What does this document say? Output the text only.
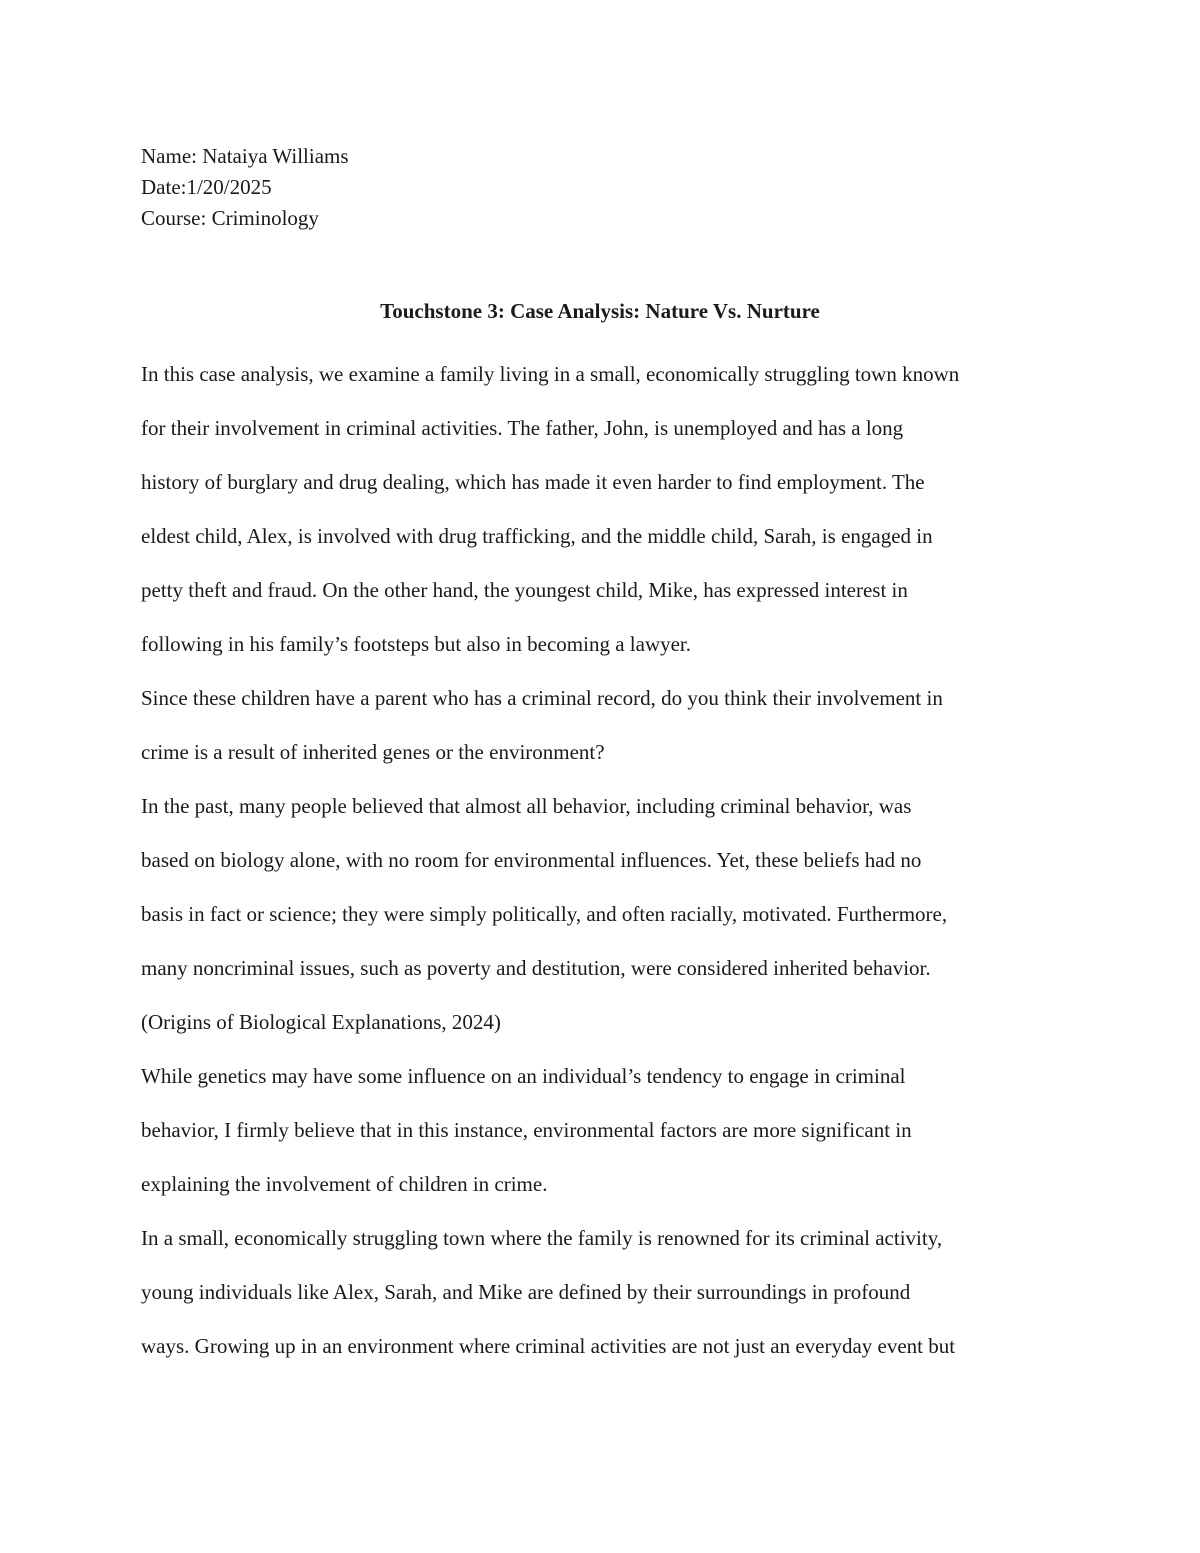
Name: Nataiya Williams
Date:1/20/2025
Course: Criminology
Touchstone 3: Case Analysis: Nature Vs. Nurture
In this case analysis, we examine a family living in a small, economically struggling town known
for their involvement in criminal activities. The father, John, is unemployed and has a long
history of burglary and drug dealing, which has made it even harder to find employment. The
eldest child, Alex, is involved with drug trafficking, and the middle child, Sarah, is engaged in
petty theft and fraud. On the other hand, the youngest child, Mike, has expressed interest in
following in his family’s footsteps but also in becoming a lawyer.
Since these children have a parent who has a criminal record, do you think their involvement in
crime is a result of inherited genes or the environment?
In the past, many people believed that almost all behavior, including criminal behavior, was
based on biology alone, with no room for environmental influences. Yet, these beliefs had no
basis in fact or science; they were simply politically, and often racially, motivated. Furthermore,
many noncriminal issues, such as poverty and destitution, were considered inherited behavior.
(Origins of Biological Explanations, 2024)
While genetics may have some influence on an individual’s tendency to engage in criminal
behavior, I firmly believe that in this instance, environmental factors are more significant in
explaining the involvement of children in crime.
In a small, economically struggling town where the family is renowned for its criminal activity,
young individuals like Alex, Sarah, and Mike are defined by their surroundings in profound
ways. Growing up in an environment where criminal activities are not just an everyday event but
